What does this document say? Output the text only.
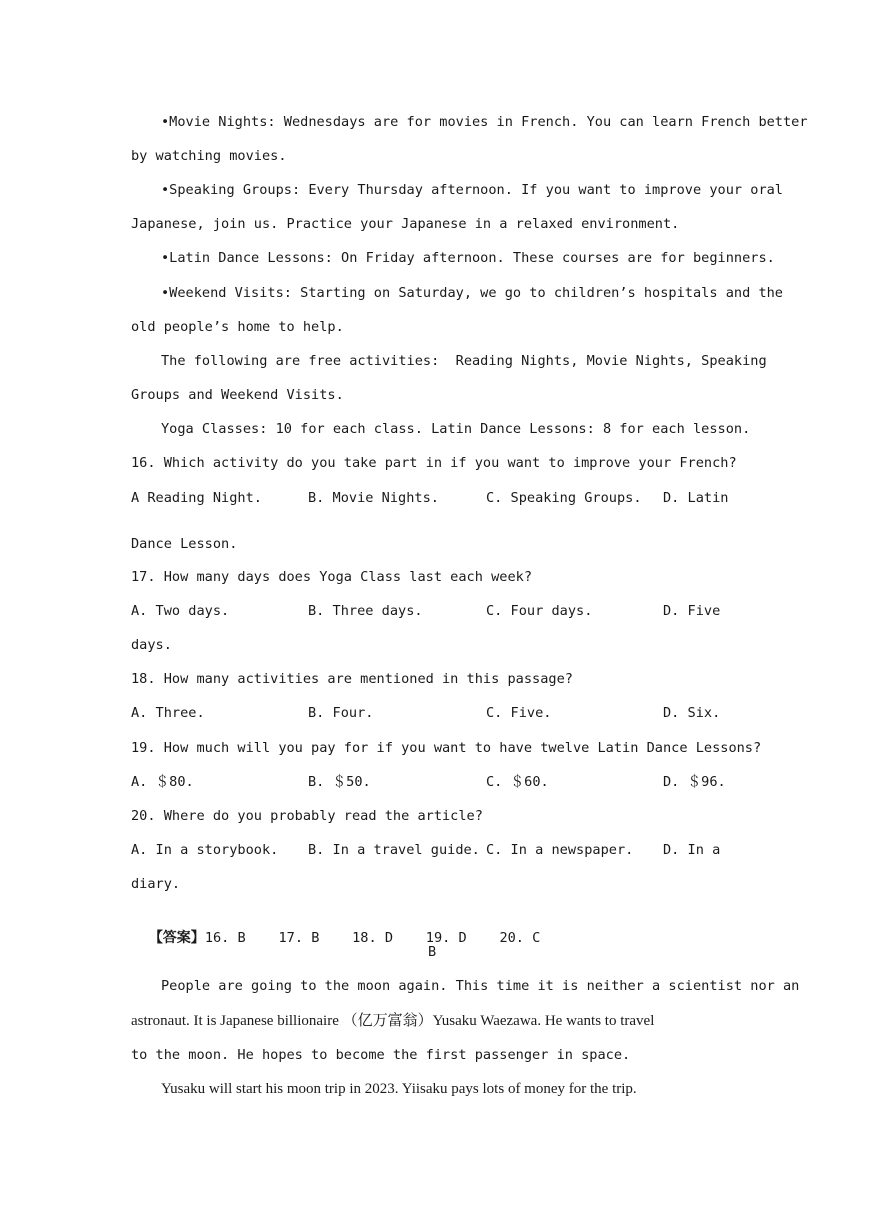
•Movie Nights: Wednesdays are for movies in French. You can learn French better
by watching movies.
•Speaking Groups: Every Thursday afternoon. If you want to improve your oral
Japanese, join us. Practice your Japanese in a relaxed environment.
•Latin Dance Lessons: On Friday afternoon. These courses are for beginners.
•Weekend Visits: Starting on Saturday, we go to children’s hospitals and the
old people’s home to help.
The following are free activities:  Reading Nights, Movie Nights, Speaking
Groups and Weekend Visits.
Yoga Classes: 10 for each class. Latin Dance Lessons: 8 for each lesson.
16. Which activity do you take part in if you want to improve your French?
A Reading Night.	B. Movie Nights.	C. Speaking Groups. D. Latin
Dance Lesson.
17. How many days does Yoga Class last each week?
A. Two days.	B. Three days.	C. Four days.	D. Five
days.
18. How many activities are mentioned in this passage?
A. Three.	B. Four.	C. Five.	D. Six.
19. How much will you pay for if you want to have twelve Latin Dance Lessons?
A. ＄80.	B. ＄50.	C. ＄60.	D. ＄96.
20. Where do you probably read the article?
A. In a storybook. B. In a travel guide. C. In a newspaper. D. In a
diary.

【答案】16. B    17. B    18. D    19. D    20. C

B
People are going to the moon again. This time it is neither a scientist nor an
astronaut. It is Japanese billionaire （亿万富翁）Yusaku Waezawa. He wants to travel
to the moon. He hopes to become the first passenger in space.
Yusaku will start his moon trip in 2023. Yiisaku pays lots of money for the trip.
